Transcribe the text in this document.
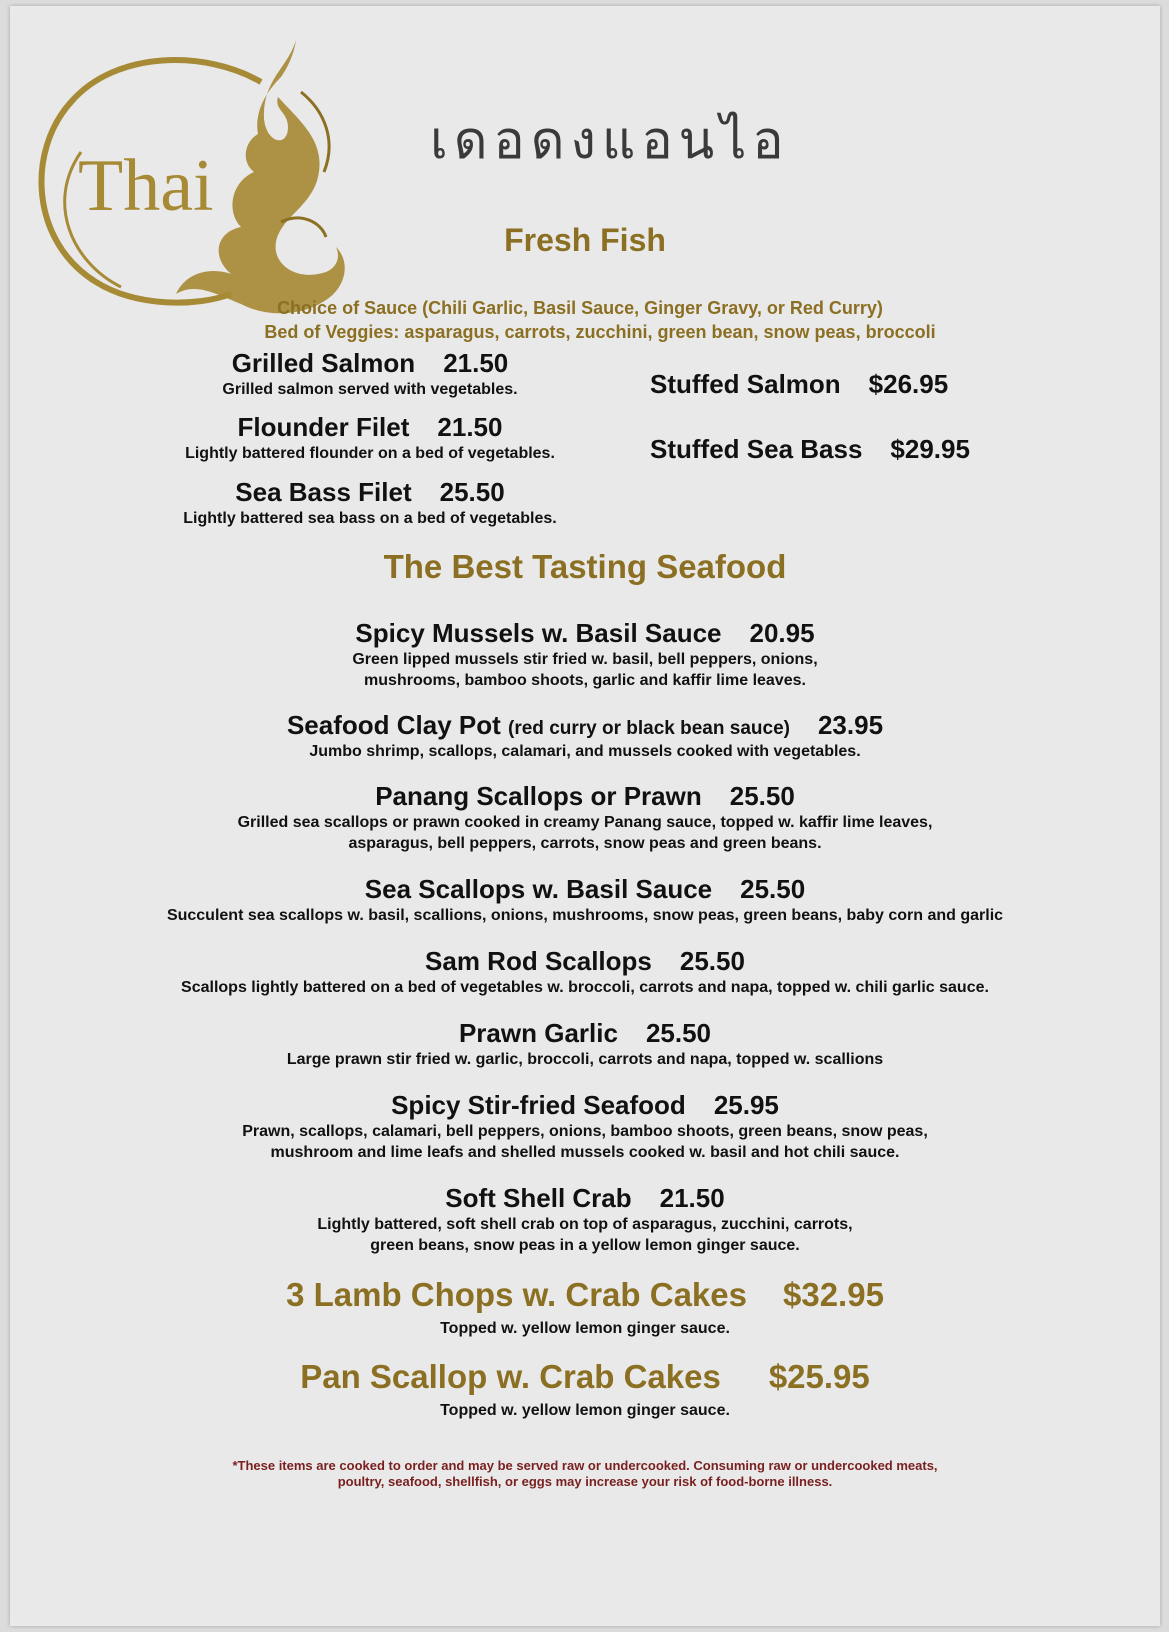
Thai
เดอดงแอนไอ
Fresh Fish
Choice of Sauce (Chili Garlic, Basil Sauce, Ginger Gravy, or Red Curry)
Bed of Veggies: asparagus, carrots, zucchini, green bean, snow peas, broccoli
Grilled Salmon 21.50
Grilled salmon served with vegetables.
Flounder Filet 21.50
Lightly battered flounder on a bed of vegetables.
Sea Bass Filet 25.50
Lightly battered sea bass on a bed of vegetables.
Stuffed Salmon $26.95
Stuffed Sea Bass $29.95
The Best Tasting Seafood
Spicy Mussels w. Basil Sauce 20.95
Green lipped mussels stir fried w. basil, bell peppers, onions,
mushrooms, bamboo shoots, garlic and kaffir lime leaves.
Seafood Clay Pot (red curry or black bean sauce) 23.95
Jumbo shrimp, scallops, calamari, and mussels cooked with vegetables.
Panang Scallops or Prawn 25.50
Grilled sea scallops or prawn cooked in creamy Panang sauce, topped w. kaffir lime leaves,
asparagus, bell peppers, carrots, snow peas and green beans.
Sea Scallops w. Basil Sauce 25.50
Succulent sea scallops w. basil, scallions, onions, mushrooms, snow peas, green beans, baby corn and garlic
Sam Rod Scallops 25.50
Scallops lightly battered on a bed of vegetables w. broccoli, carrots and napa, topped w. chili garlic sauce.
Prawn Garlic 25.50
Large prawn stir fried w. garlic, broccoli, carrots and napa, topped w. scallions
Spicy Stir-fried Seafood 25.95
Prawn, scallops, calamari, bell peppers, onions, bamboo shoots, green beans, snow peas,
mushroom and lime leafs and shelled mussels cooked w. basil and hot chili sauce.
Soft Shell Crab 21.50
Lightly battered, soft shell crab on top of asparagus, zucchini, carrots,
green beans, snow peas in a yellow lemon ginger sauce.
3 Lamb Chops w. Crab Cakes $32.95
Topped w. yellow lemon ginger sauce.
Pan Scallop w. Crab Cakes $25.95
Topped w. yellow lemon ginger sauce.
*These items are cooked to order and may be served raw or undercooked. Consuming raw or undercooked meats,
poultry, seafood, shellfish, or eggs may increase your risk of food-borne illness.
